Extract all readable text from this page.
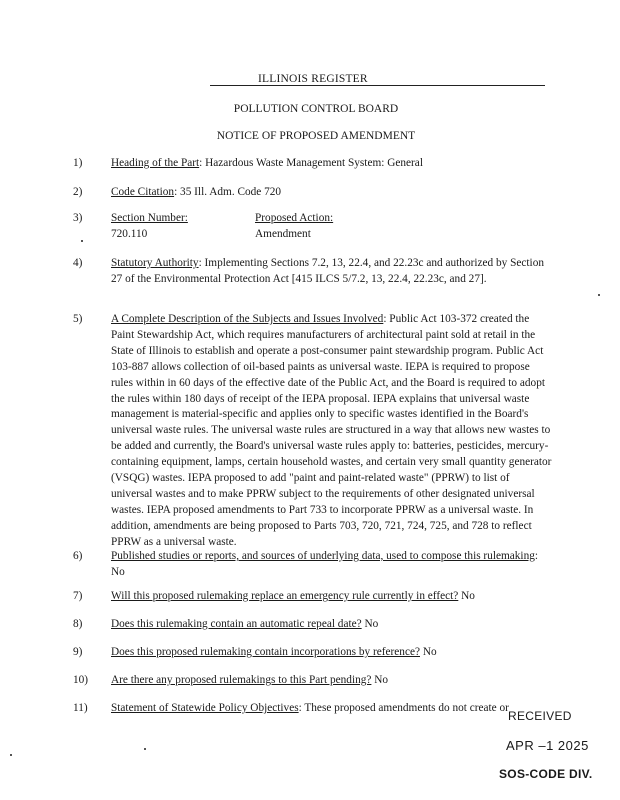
ILLINOIS REGISTER
POLLUTION CONTROL BOARD
NOTICE OF PROPOSED AMENDMENT
1)	Heading of the Part: Hazardous Waste Management System: General
2)	Code Citation: 35 Ill. Adm. Code 720
3)	Section Number:	Proposed Action:
720.110	Amendment
4)	Statutory Authority: Implementing Sections 7.2, 13, 22.4, and 22.23c and authorized by Section 27 of the Environmental Protection Act [415 ILCS 5/7.2, 13, 22.4, 22.23c, and 27].
5)	A Complete Description of the Subjects and Issues Involved: Public Act 103-372 created the Paint Stewardship Act, which requires manufacturers of architectural paint sold at retail in the State of Illinois to establish and operate a post-consumer paint stewardship program. Public Act 103-887 allows collection of oil-based paints as universal waste. IEPA is required to propose rules within in 60 days of the effective date of the Public Act, and the Board is required to adopt the rules within 180 days of receipt of the IEPA proposal. IEPA explains that universal waste management is material-specific and applies only to specific wastes identified in the Board's universal waste rules. The universal waste rules are structured in a way that allows new wastes to be added and currently, the Board's universal waste rules apply to: batteries, pesticides, mercury-containing equipment, lamps, certain household wastes, and certain very small quantity generator (VSQG) wastes. IEPA proposed to add "paint and paint-related waste" (PPRW) to list of universal wastes and to make PPRW subject to the requirements of other designated universal wastes. IEPA proposed amendments to Part 733 to incorporate PPRW as a universal waste. In addition, amendments are being proposed to Parts 703, 720, 721, 724, 725, and 728 to reflect PPRW as a universal waste.
6)	Published studies or reports, and sources of underlying data, used to compose this rulemaking: No
7)	Will this proposed rulemaking replace an emergency rule currently in effect? No
8)	Does this rulemaking contain an automatic repeal date? No
9)	Does this proposed rulemaking contain incorporations by reference? No
10)	Are there any proposed rulemakings to this Part pending? No
11)	Statement of Statewide Policy Objectives: These proposed amendments do not create or
RECEIVED
APR –1 2025
SOS-CODE DIV.
